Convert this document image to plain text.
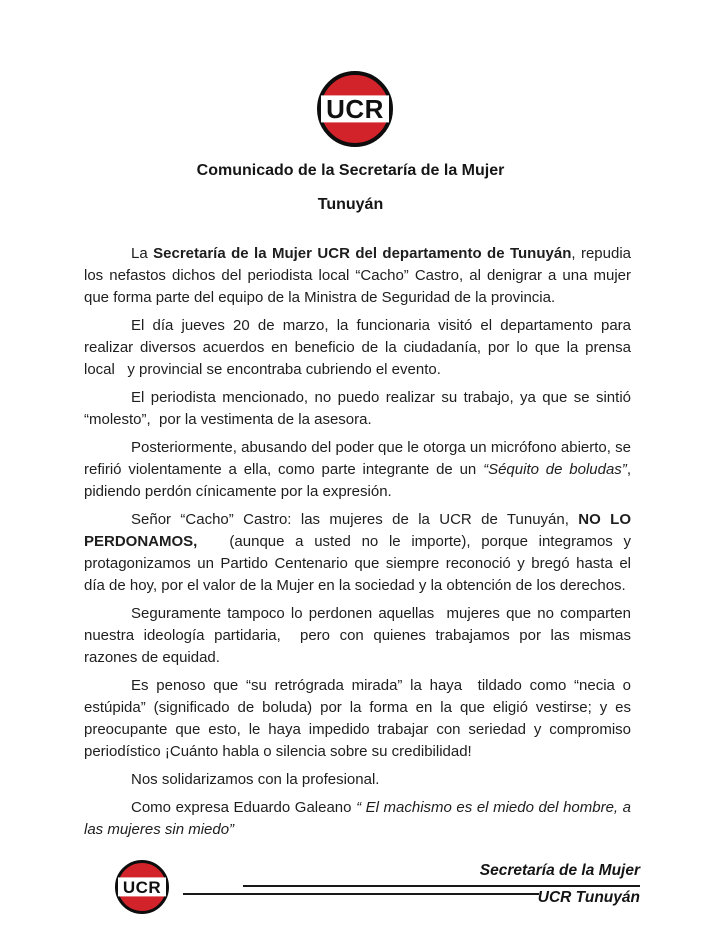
UCR
Comunicado de la Secretaría de la Mujer
Tunuyán

La Secretaría de la Mujer UCR del departamento de Tunuyán, repudia los nefastos dichos del periodista local “Cacho” Castro, al denigrar a una mujer que forma parte del equipo de la Ministra de Seguridad de la provincia.

El día jueves 20 de marzo, la funcionaria visitó el departamento para realizar diversos acuerdos en beneficio de la ciudadanía, por lo que la prensa local   y provincial se encontraba cubriendo el evento.

El periodista mencionado, no puedo realizar su trabajo, ya que se sintió “molesto”,  por la vestimenta de la asesora.

Posteriormente, abusando del poder que le otorga un micrófono abierto, se refirió violentamente a ella, como parte integrante de un “Séquito de boludas”, pidiendo perdón cínicamente por la expresión.

Señor “Cacho” Castro: las mujeres de la UCR de Tunuyán, NO LO PERDONAMOS,   (aunque a usted no le importe), porque integramos y protagonizamos un Partido Centenario que siempre reconoció y bregó hasta el día de hoy, por el valor de la Mujer en la sociedad y la obtención de los derechos.

Seguramente tampoco lo perdonen aquellas  mujeres que no comparten nuestra ideología partidaria,  pero con quienes trabajamos por las mismas razones de equidad.

Es penoso que “su retrógrada mirada” la haya  tildado como “necia o estúpida” (significado de boluda) por la forma en la que eligió vestirse; y es preocupante que esto, le haya impedido trabajar con seriedad y compromiso periodístico ¡Cuánto habla o silencia sobre su credibilidad!

Nos solidarizamos con la profesional.

Como expresa Eduardo Galeano “ El machismo es el miedo del hombre, a las mujeres sin miedo”

UCR
Secretaría de la Mujer
UCR Tunuyán
